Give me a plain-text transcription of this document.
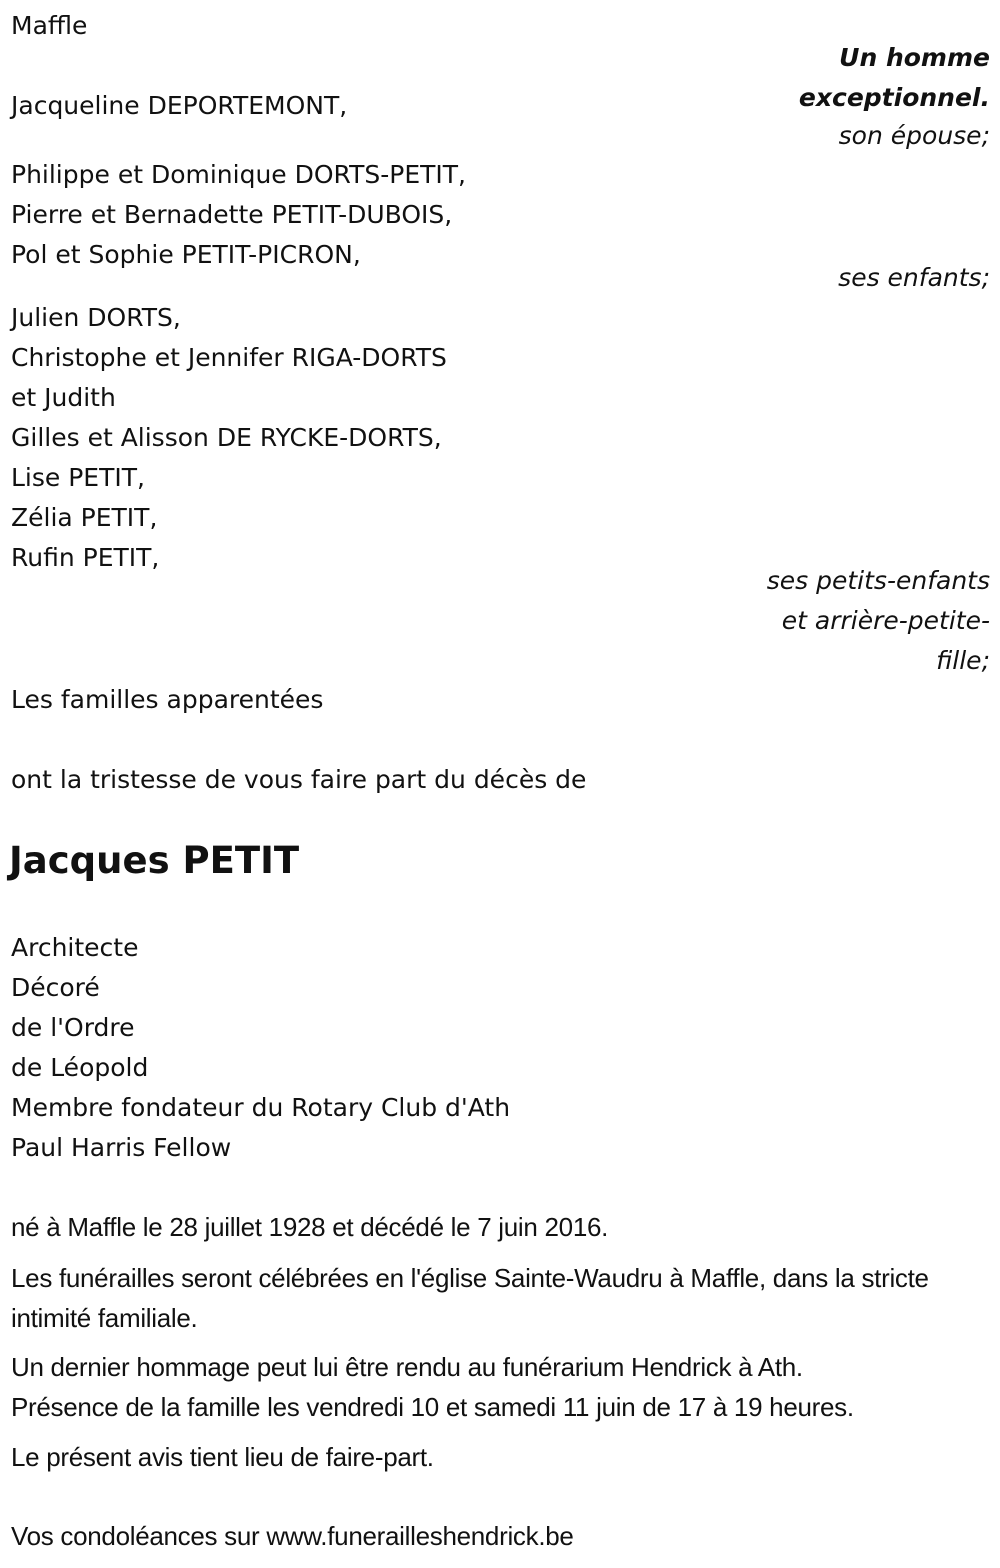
Maffle
Un homme
exceptionnel.
Jacqueline DEPORTEMONT,
son épouse;
Philippe et Dominique DORTS-PETIT,
Pierre et Bernadette PETIT-DUBOIS,
Pol et Sophie PETIT-PICRON,
ses enfants;
Julien DORTS,
Christophe et Jennifer RIGA-DORTS
et Judith
Gilles et Alisson DE RYCKE-DORTS,
Lise PETIT,
Zélia PETIT,
Rufin PETIT,
ses petits-enfants
et arrière-petite-
fille;
Les familles apparentées
ont la tristesse de vous faire part du décès de
Jacques PETIT
Architecte
Décoré
de l'Ordre
de Léopold
Membre fondateur du Rotary Club d'Ath
Paul Harris Fellow
né à Maffle le 28 juillet 1928 et décédé le 7 juin 2016.
Les funérailles seront célébrées en l'église Sainte-Waudru à Maffle, dans la stricte intimité familiale.
Un dernier hommage peut lui être rendu au funérarium Hendrick à Ath.
Présence de la famille les vendredi 10 et samedi 11 juin de 17 à 19 heures.
Le présent avis tient lieu de faire-part.
Vos condoléances sur www.funerailleshendrick.be
